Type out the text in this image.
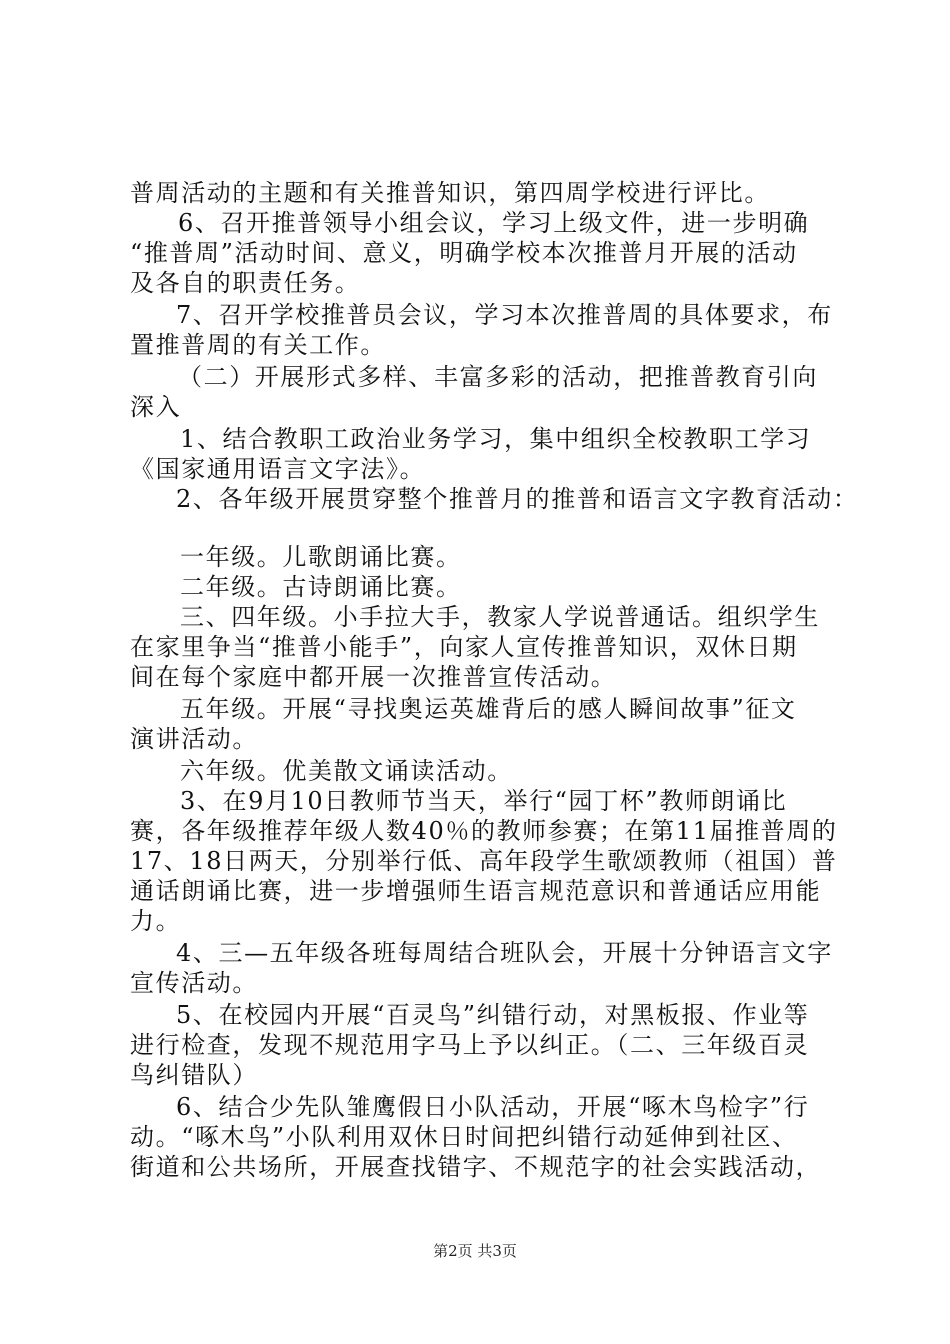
普周活动的主题和有关推普知识，第四周学校进行评比。
6、召开推普领导小组会议，学习上级文件，进一步明确
“推普周”活动时间、意义，明确学校本次推普月开展的活动
及各自的职责任务。
7、召开学校推普员会议，学习本次推普周的具体要求，布
置推普周的有关工作。
（二）开展形式多样、丰富多彩的活动，把推普教育引向
深入
1、结合教职工政治业务学习，集中组织全校教职工学习
《国家通用语言文字法》。
2、各年级开展贯穿整个推普月的推普和语言文字教育活动：
一年级。儿歌朗诵比赛。
二年级。古诗朗诵比赛。
三、四年级。小手拉大手，教家人学说普通话。组织学生
在家里争当“推普小能手”，向家人宣传推普知识，双休日期
间在每个家庭中都开展一次推普宣传活动。
五年级。开展“寻找奥运英雄背后的感人瞬间故事”征文
演讲活动。
六年级。优美散文诵读活动。
3、在9月10日教师节当天，举行“园丁杯”教师朗诵比
赛，各年级推荐年级人数40％的教师参赛；在第11届推普周的
17、18日两天，分别举行低、高年段学生歌颂教师（祖国）普
通话朗诵比赛，进一步增强师生语言规范意识和普通话应用能
力。
4、三—五年级各班每周结合班队会，开展十分钟语言文字
宣传活动。
5、在校园内开展“百灵鸟”纠错行动，对黑板报、作业等
进行检查，发现不规范用字马上予以纠正。（二、三年级百灵
鸟纠错队）
6、结合少先队雏鹰假日小队活动，开展“啄木鸟检字”行
动。“啄木鸟”小队利用双休日时间把纠错行动延伸到社区、
街道和公共场所，开展查找错字、不规范字的社会实践活动，
第2页 共3页
